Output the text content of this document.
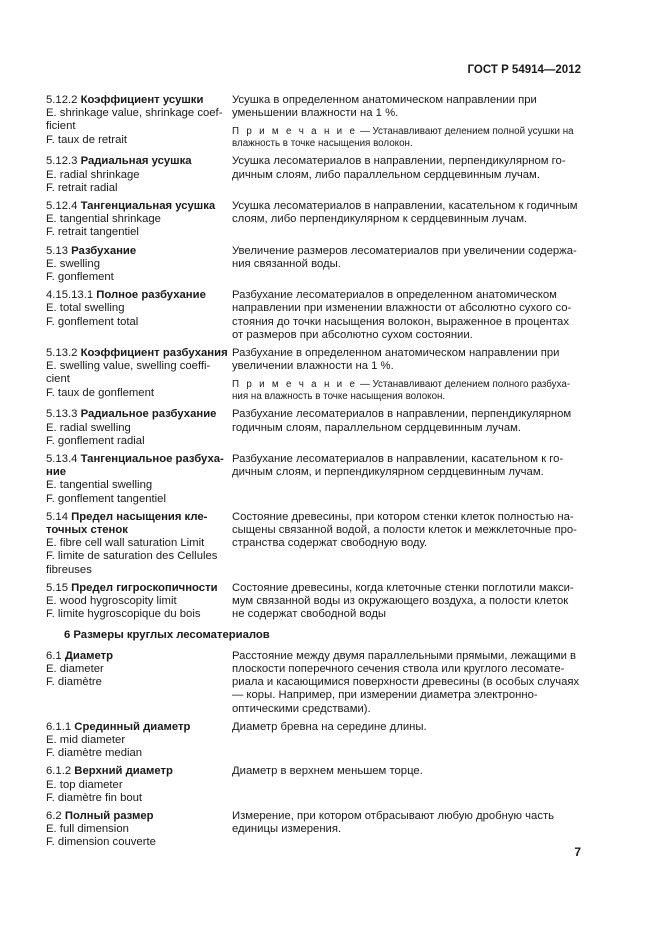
ГОСТ Р 54914—2012
5.12.2 Коэффициент усушки
E. shrinkage value, shrinkage coef-
ficient
F. taux de retrait
Усушка в определенном анатомическом направлении при
уменьшении влажности на 1 %.
П р и м е ч а н и е — Устанавливают делением полной усушки на
влажность в точке насыщения волокон.
5.12.3 Радиальная усушка
E. radial shrinkage
F. retrait radial
Усушка лесоматериалов в направлении, перпендикулярном го-
дичным слоям, либо параллельном сердцевинным лучам.
5.12.4 Тангенциальная усушка
E. tangential shrinkage
F. retrait tangentiel
Усушка лесоматериалов в направлении, касательном к годичным
слоям, либо перпендикулярном к сердцевинным лучам.
5.13 Разбухание
E. swelling
F. gonflement
Увеличение размеров лесоматериалов при увеличении содержа-
ния связанной воды.
4.15.13.1 Полное разбухание
E. total swelling
F. gonflement total
Разбухание лесоматериалов в определенном анатомическом
направлении при изменении влажности от абсолютно сухого со-
стояния до точки насыщения волокон, выраженное в процентах
от размеров при абсолютно сухом состоянии.
5.13.2 Коэффициент разбухания
E. swelling value, swelling coeffi-
cient
F. taux de gonflement
Разбухание в определенном анатомическом направлении при
увеличении влажности на 1 %.
П р и м е ч а н и е — Устанавливают делением полного разбуха-
ния на влажность в точке насыщения волокон.
5.13.3 Радиальное разбухание
E. radial swelling
F. gonflement radial
Разбухание лесоматериалов в направлении, перпендикулярном
годичным слоям, параллельном сердцевинным лучам.
5.13.4 Тангенциальное разбуха-
ние
E. tangential swelling
F. gonflement tangentiel
Разбухание лесоматериалов в направлении, касательном к го-
дичным слоям, и перпендикулярном сердцевинным лучам.
5.14 Предел насыщения кле-
точных стенок
E. fibre cell wall saturation Limit
F. limite de saturation des Cellules
fibreuses
Состояние древесины, при котором стенки клеток полностью на-
сыщены связанной водой, а полости клеток и межклеточные про-
странства содержат свободную воду.
5.15 Предел гигроскопичности
E. wood hygroscopity limit
F. limite hygroscopique du bois
Состояние древесины, когда клеточные стенки поглотили макси-
мум связанной воды из окружающего воздуха, а полости клеток
не содержат свободной воды
6 Размеры круглых лесоматериалов
6.1 Диаметр
E. diameter
F. diamètre
Расстояние между двумя параллельными прямыми, лежащими в
плоскости поперечного сечения ствола или круглого лесомате-
риала и касающимися поверхности древесины (в особых случаях
— коры. Например, при измерении диаметра электронно-
оптическими средствами).
6.1.1 Срединный диаметр
E. mid diameter
F. diamètre median
Диаметр бревна на середине длины.
6.1.2 Верхний диаметр
E. top diameter
F. diamètre fin bout
Диаметр в верхнем меньшем торце.
6.2 Полный размер
E. full dimension
F. dimension couverte
Измерение, при котором отбрасывают любую дробную часть
единицы измерения.
7
